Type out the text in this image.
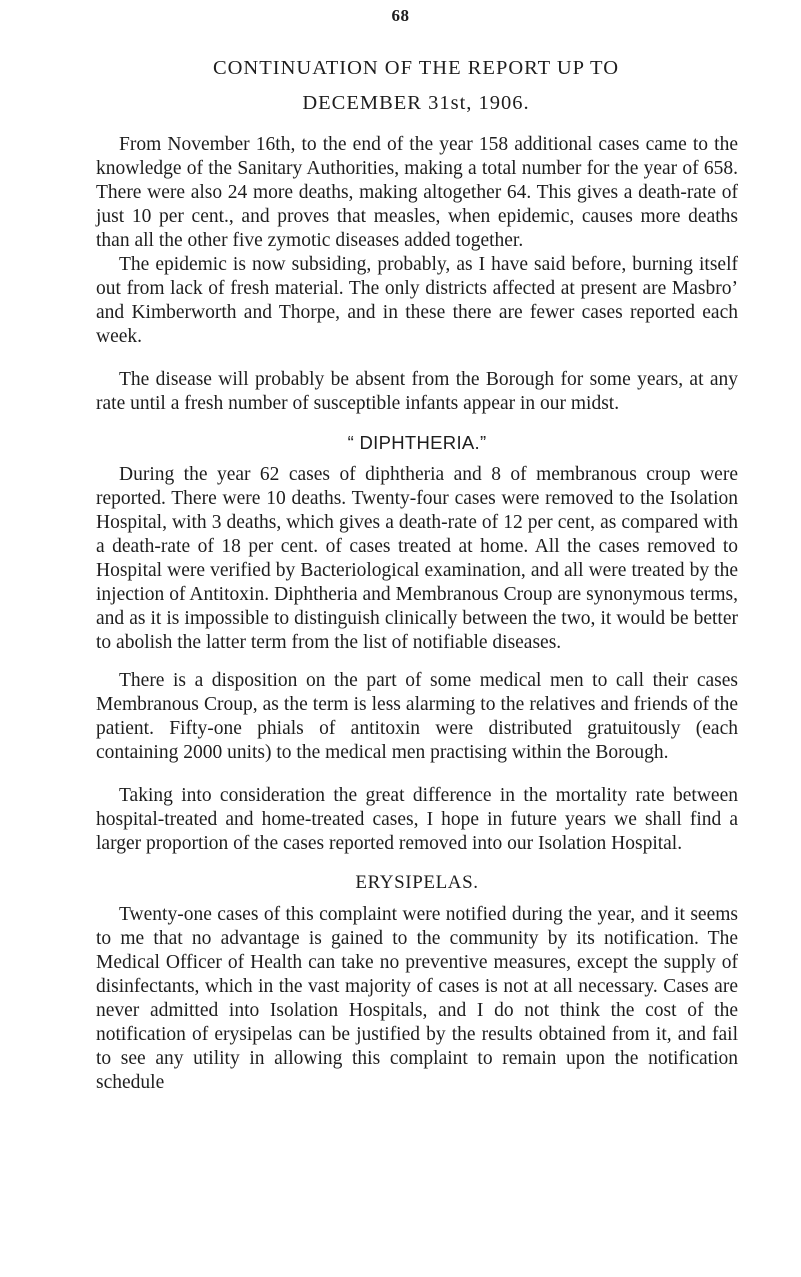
68
CONTINUATION OF THE REPORT UP TO
DECEMBER 31st, 1906.

From November 16th, to the end of the year 158 additional cases came to the knowledge of the Sanitary Authorities, making a total number for the year of 658. There were also 24 more deaths, making altogether 64. This gives a death-rate of just 10 per cent., and proves that measles, when epidemic, causes more deaths than all the other five zymotic diseases added together.

The epidemic is now subsiding, probably, as I have said before, burning itself out from lack of fresh material. The only districts affected at present are Masbro’ and Kimberworth and Thorpe, and in these there are fewer cases reported each week.

The disease will probably be absent from the Borough for some years, at any rate until a fresh number of susceptible infants appear in our midst.

“ DIPHTHERIA.”

During the year 62 cases of diphtheria and 8 of membranous croup were reported. There were 10 deaths. Twenty-four cases were removed to the Isolation Hospital, with 3 deaths, which gives a death-rate of 12 per cent, as compared with a death-rate of 18 per cent. of cases treated at home. All the cases removed to Hospital were verified by Bacteriological examination, and all were treated by the injection of Antitoxin. Diphtheria and Membranous Croup are synonymous terms, and as it is impossible to distinguish clinically between the two, it would be better to abolish the latter term from the list of notifiable diseases.

There is a disposition on the part of some medical men to call their cases Membranous Croup, as the term is less alarming to the relatives and friends of the patient. Fifty-one phials of antitoxin were distributed gratuitously (each containing 2000 units) to the medical men practising within the Borough.

Taking into consideration the great difference in the mortality rate between hospital-treated and home-treated cases, I hope in future years we shall find a larger proportion of the cases reported removed into our Isolation Hospital.

ERYSIPELAS.

Twenty-one cases of this complaint were notified during the year, and it seems to me that no advantage is gained to the community by its notification. The Medical Officer of Health can take no preventive measures, except the supply of disinfectants, which in the vast majority of cases is not at all necessary. Cases are never admitted into Isolation Hospitals, and I do not think the cost of the notification of erysipelas can be justified by the results obtained from it, and fail to see any utility in allowing this complaint to remain upon the notification schedule
